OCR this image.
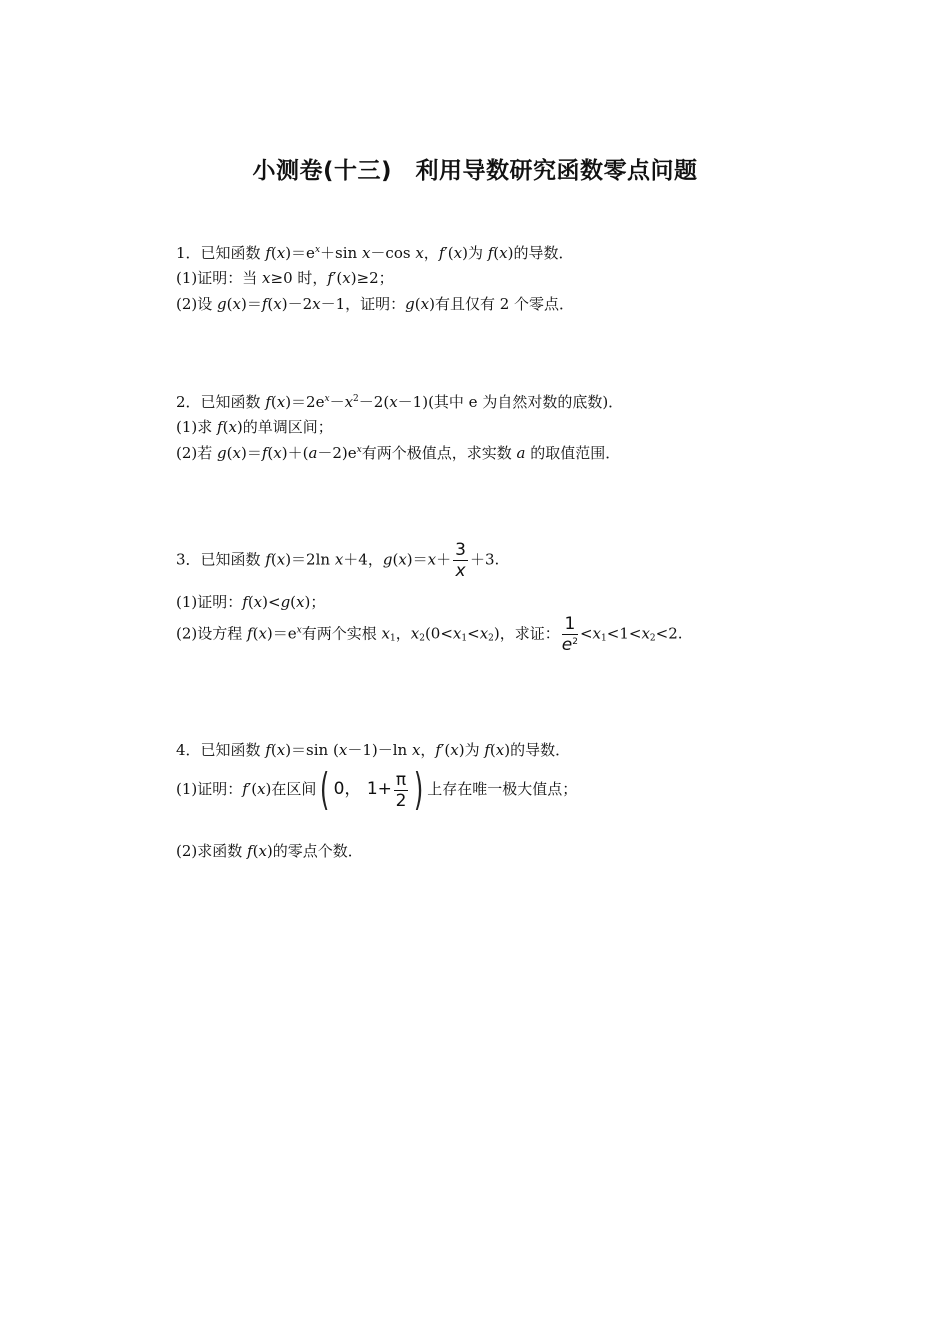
小测卷(十三)　利用导数研究函数零点问题
1．已知函数 $f(x)=e^x+\sin$ x－cos x，f′(x)为 f(x)的导数．
(1)证明：当 x≥0 时，f′(x)≥2；
(2)设 g(x)＝f(x)－2x－1，证明：g(x)有且仅有 2 个零点．
2．已知函数 $f(x)=2e^x-x^2-2(x-1)$(其中 e 为自然对数的底数)．
(1)求 f(x)的单调区间；
(2)若 $g(x)=f(x)+(a-2)e^x$有两个极值点，求实数 a 的取值范围．
3．已知函数 f(x)＝2ln x＋4，$g(x)=x+ \frac{3}{x} +3$.
(1)证明：f(x)<g(x)；
(2)设方程 $f(x)=e^x$有两个实根 $x_1$，$x_2(0<x_1<x_2)$，求证： $\frac{1}{e^2} <x_1<1<x_2<2$.
4．已知函数 f(x)＝sin (x－1)－ln x，f′(x)为 f(x)的导数．
(1)证明：f′(x)在区间( 0， $1+ \frac{\pi}{2}$ ) 上存在唯一极大值点；
(2)求函数 f(x)的零点个数．
